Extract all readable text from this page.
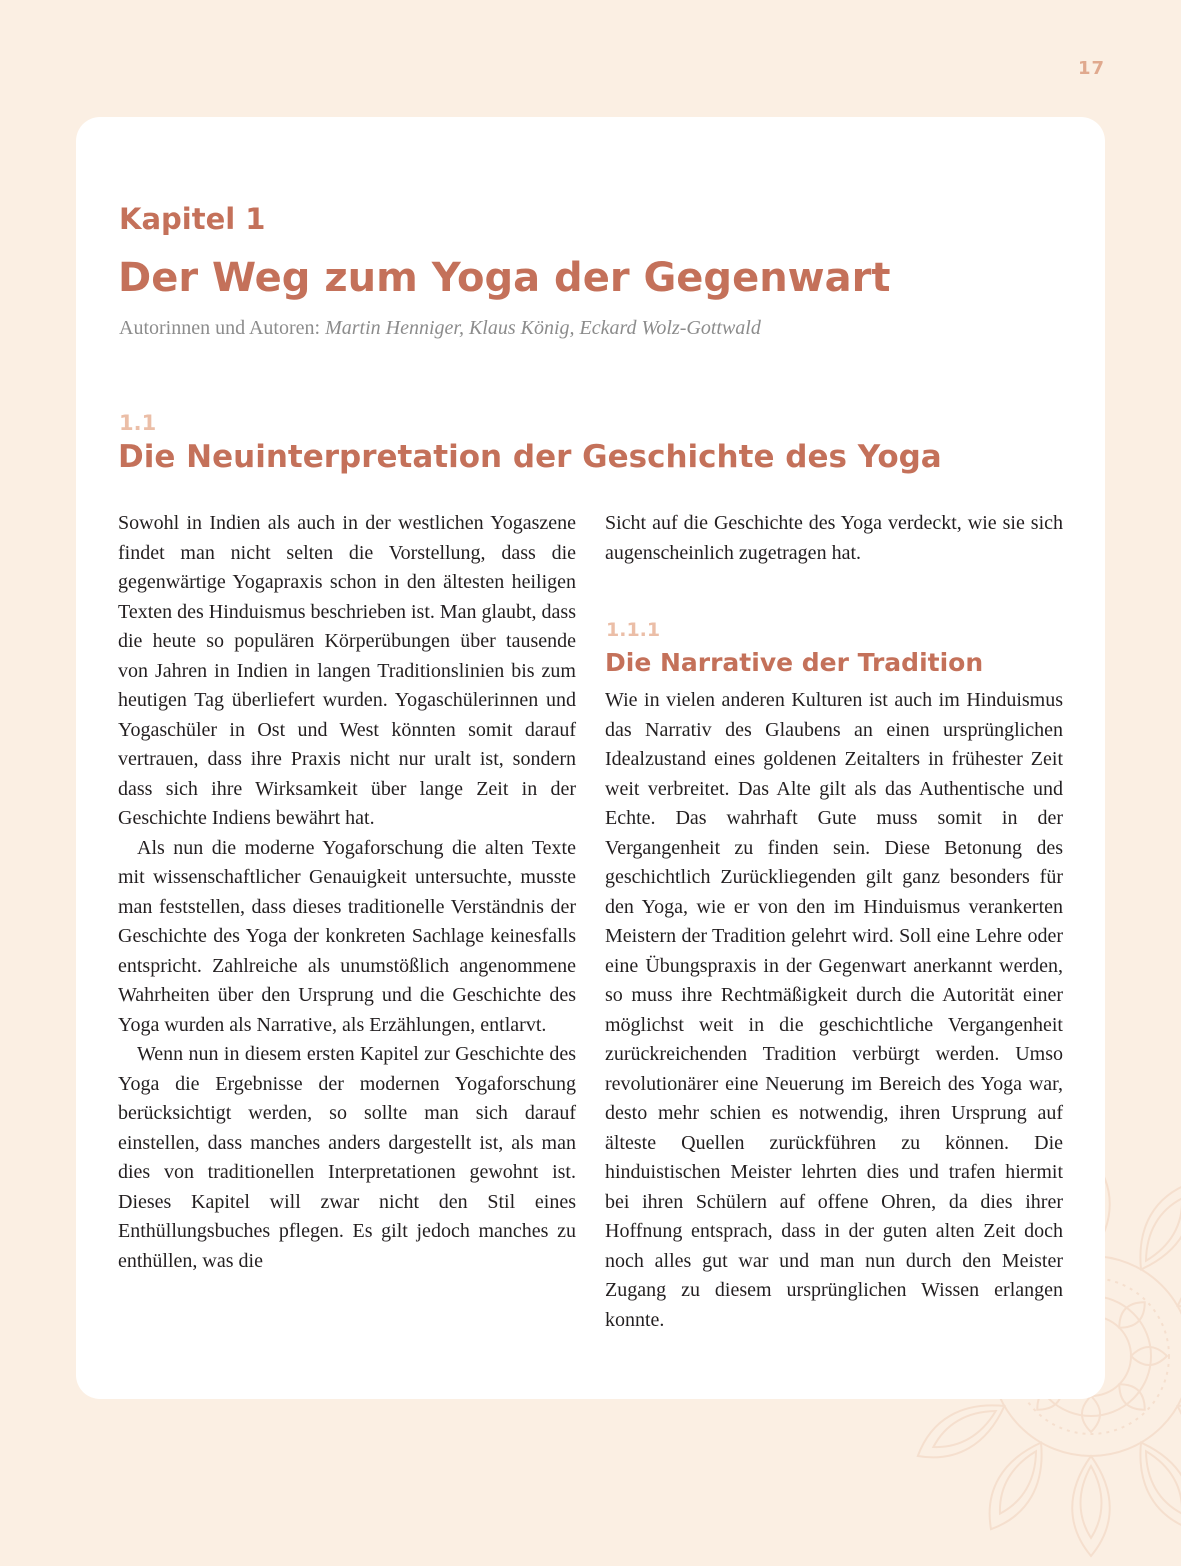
17
Kapitel 1
Der Weg zum Yoga der Gegenwart

Autorinnen und Autoren: Martin Henniger, Klaus König, Eckard Wolz-Gottwald

1.1
Die Neuinterpretation der Geschichte des Yoga

Sowohl in Indien als auch in der westlichen Yogaszene findet man nicht selten die Vorstellung, dass die gegenwärtige Yogapraxis schon in den ältesten heiligen Texten des Hinduismus beschrieben ist. Man glaubt, dass die heute so populären Körperübungen über tausende von Jahren in Indien in langen Traditionslinien bis zum heutigen Tag überliefert wurden. Yogaschülerinnen und Yogaschüler in Ost und West könnten somit darauf vertrauen, dass ihre Praxis nicht nur uralt ist, sondern dass sich ihre Wirksamkeit über lange Zeit in der Geschichte Indiens bewährt hat.

Als nun die moderne Yogaforschung die alten Texte mit wissenschaftlicher Genauigkeit untersuchte, musste man feststellen, dass dieses traditionelle Verständnis der Geschichte des Yoga der konkreten Sachlage keinesfalls entspricht. Zahlreiche als unumstößlich angenommene Wahrheiten über den Ursprung und die Geschichte des Yoga wurden als Narrative, als Erzählungen, entlarvt.

Wenn nun in diesem ersten Kapitel zur Geschichte des Yoga die Ergebnisse der modernen Yogaforschung berücksichtigt werden, so sollte man sich darauf einstellen, dass manches anders dargestellt ist, als man dies von traditionellen Interpretationen gewohnt ist. Dieses Kapitel will zwar nicht den Stil eines Enthüllungsbuches pflegen. Es gilt jedoch manches zu enthüllen, was die

Sicht auf die Geschichte des Yoga verdeckt, wie sie sich augenscheinlich zugetragen hat.

1.1.1
Die Narrative der Tradition

Wie in vielen anderen Kulturen ist auch im Hinduismus das Narrativ des Glaubens an einen ursprünglichen Idealzustand eines goldenen Zeitalters in frühester Zeit weit verbreitet. Das Alte gilt als das Authentische und Echte. Das wahrhaft Gute muss somit in der Vergangenheit zu finden sein. Diese Betonung des geschichtlich Zurückliegenden gilt ganz besonders für den Yoga, wie er von den im Hinduismus verankerten Meistern der Tradition gelehrt wird. Soll eine Lehre oder eine Übungspraxis in der Gegenwart anerkannt werden, so muss ihre Rechtmäßigkeit durch die Autorität einer möglichst weit in die geschichtliche Vergangenheit zurückreichenden Tradition verbürgt werden. Umso revolutionärer eine Neuerung im Bereich des Yoga war, desto mehr schien es notwendig, ihren Ursprung auf älteste Quellen zurückführen zu können. Die hinduistischen Meister lehrten dies und trafen hiermit bei ihren Schülern auf offene Ohren, da dies ihrer Hoffnung entsprach, dass in der guten alten Zeit doch noch alles gut war und man nun durch den Meister Zugang zu diesem ursprünglichen Wissen erlangen konnte.
